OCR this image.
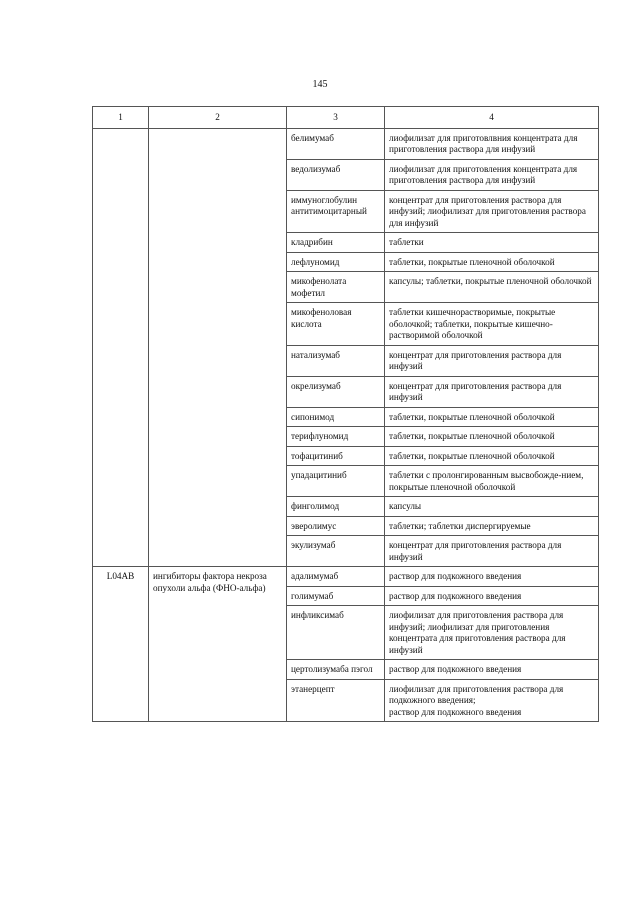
145
1	2	3	4
		белимумаб	лиофилизат для приготовлвния концентрата для приготовления раствора для инфузий
		ведолизумаб	лиофилизат для приготовления концентрата для приготовления раствора для инфузий
		иммуноглобулин антитимоцитарный	концентрат для приготовления раствора для инфузий; лиофилизат для приготовления раствора для инфузий
		кладрибин	таблетки
		лефлуномид	таблетки, покрытые пленочной оболочкой
		микофенолата мофетил	капсулы; таблетки, покрытые пленочной оболочкой
		микофеноловая кислота	таблетки кишечнорастворимые, покрытые оболочкой; таблетки, покрытые кишечно-растворимой оболочкой
		натализумаб	концентрат для приготовления раствора для инфузий
		окрелизумаб	концентрат для приготовления раствора для инфузий
		сипонимод	таблетки, покрытые пленочной оболочкой
		терифлуномид	таблетки, покрытые пленочной оболочкой
		тофацитиниб	таблетки, покрытые пленочной оболочкой
		упадацитиниб	таблетки с пролонгированным высвобожде-нием, покрытые пленочной оболочкой
		финголимод	капсулы
		эверолимус	таблетки; таблетки диспергируемые
		экулизумаб	концентрат для приготовления раствора для инфузий
L04AB	ингибиторы фактора некроза опухоли альфа (ФНО-альфа)	адалимумаб	раствор для подкожного введения
		голимумаб	раствор для подкожного введения
		инфликсимаб	лиофилизат для приготовления раствора для инфузий; лиофилизат для приготовления концентрата для приготовления раствора для инфузий
		цертолизумаба пэгол	раствор для подкожного введения
		этанерцепт	лиофилизат для приготовления раствора для подкожного введения;
раствор для подкожного введения
